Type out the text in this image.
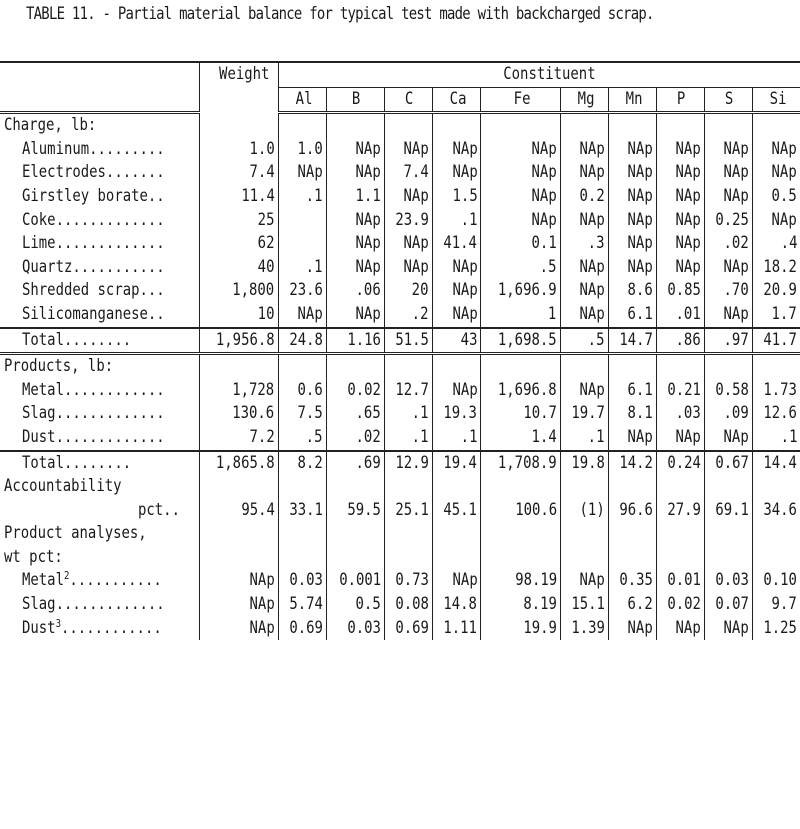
TABLE 11. - Partial material balance for typical test made with backcharged scrap.
	Weight	Constituent									
		Al	B	C	Ca	Fe	Mg	Mn	P	S	Si
Charge, lb:											
Aluminum.........	1.0	1.0	NAp	NAp	NAp	NAp	NAp	NAp	NAp	NAp	NAp
Electrodes.......	7.4	NAp	NAp	7.4	NAp	NAp	NAp	NAp	NAp	NAp	NAp
Girstley borate..	11.4	.1	1.1	NAp	1.5	NAp	0.2	NAp	NAp	NAp	0.5
Coke.............	25		NAp	23.9	.1	NAp	NAp	NAp	NAp	0.25	NAp
Lime.............	62		NAp	NAp	41.4	0.1	.3	NAp	NAp	.02	.4
Quartz...........	40	.1	NAp	NAp	NAp	.5	NAp	NAp	NAp	NAp	18.2
Shredded scrap...	1,800	23.6	.06	20	NAp	1,696.9	NAp	8.6	0.85	.70	20.9
Silicomanganese..	10	NAp	NAp	.2	NAp	1	NAp	6.1	.01	NAp	1.7
Total........	1,956.8	24.8	1.16	51.5	43	1,698.5	.5	14.7	.86	.97	41.7
Products, lb:											
Metal............	1,728	0.6	0.02	12.7	NAp	1,696.8	NAp	6.1	0.21	0.58	1.73
Slag.............	130.6	7.5	.65	.1	19.3	10.7	19.7	8.1	.03	.09	12.6
Dust.............	7.2	.5	.02	.1	.1	1.4	.1	NAp	NAp	NAp	.1
Total........	1,865.8	8.2	.69	12.9	19.4	1,708.9	19.8	14.2	0.24	0.67	14.4
Accountability											
pct..	95.4	33.1	59.5	25.1	45.1	100.6	(1)	96.6	27.9	69.1	34.6
Product analyses,											
wt pct:											
Metal$^2$...........	NAp	0.03	0.001	0.73	NAp	98.19	NAp	0.35	0.01	0.03	0.10
Slag.............	NAp	5.74	0.5	0.08	14.8	8.19	15.1	6.2	0.02	0.07	9.7
Dust$^3$............	NAp	0.69	0.03	0.69	1.11	19.9	1.39	NAp	NAp	NAp	1.25
